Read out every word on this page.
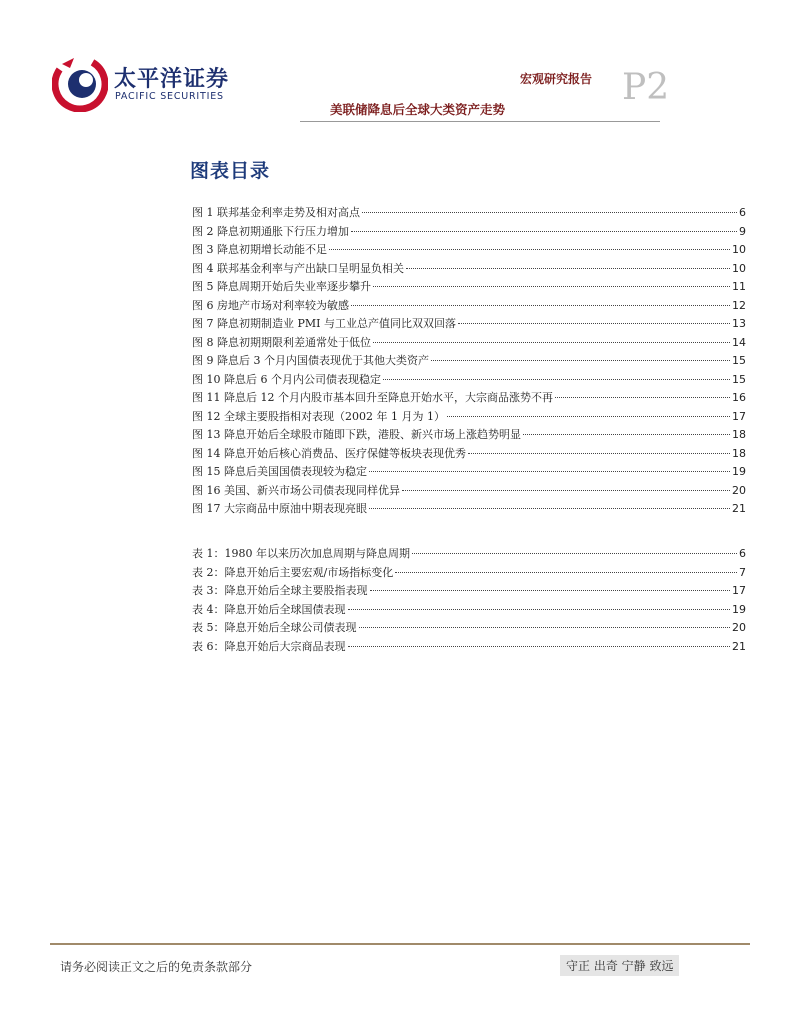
太平洋证券
PACIFIC SECURITIES
宏观研究报告 P2
美联储降息后全球大类资产走势
图表目录
图 1 联邦基金利率走势及相对高点	6
图 2 降息初期通胀下行压力增加	9
图 3 降息初期增长动能不足	10
图 4 联邦基金利率与产出缺口呈明显负相关	10
图 5 降息周期开始后失业率逐步攀升	11
图 6 房地产市场对利率较为敏感	12
图 7 降息初期制造业 PMI 与工业总产值同比双双回落	13
图 8 降息初期期限利差通常处于低位	14
图 9 降息后 3 个月内国债表现优于其他大类资产	15
图 10 降息后 6 个月内公司债表现稳定	15
图 11 降息后 12 个月内股市基本回升至降息开始水平，大宗商品涨势不再	16
图 12 全球主要股指相对表现（2002 年 1 月为 1）	17
图 13 降息开始后全球股市随即下跌，港股、新兴市场上涨趋势明显	18
图 14 降息开始后核心消费品、医疗保健等板块表现优秀	18
图 15 降息后美国国债表现较为稳定	19
图 16 美国、新兴市场公司债表现同样优异	20
图 17 大宗商品中原油中期表现亮眼	21
表 1：1980 年以来历次加息周期与降息周期	6
表 2：降息开始后主要宏观/市场指标变化	7
表 3：降息开始后全球主要股指表现	17
表 4：降息开始后全球国债表现	19
表 5：降息开始后全球公司债表现	20
表 6：降息开始后大宗商品表现	21
请务必阅读正文之后的免责条款部分	守正 出奇 宁静 致远
